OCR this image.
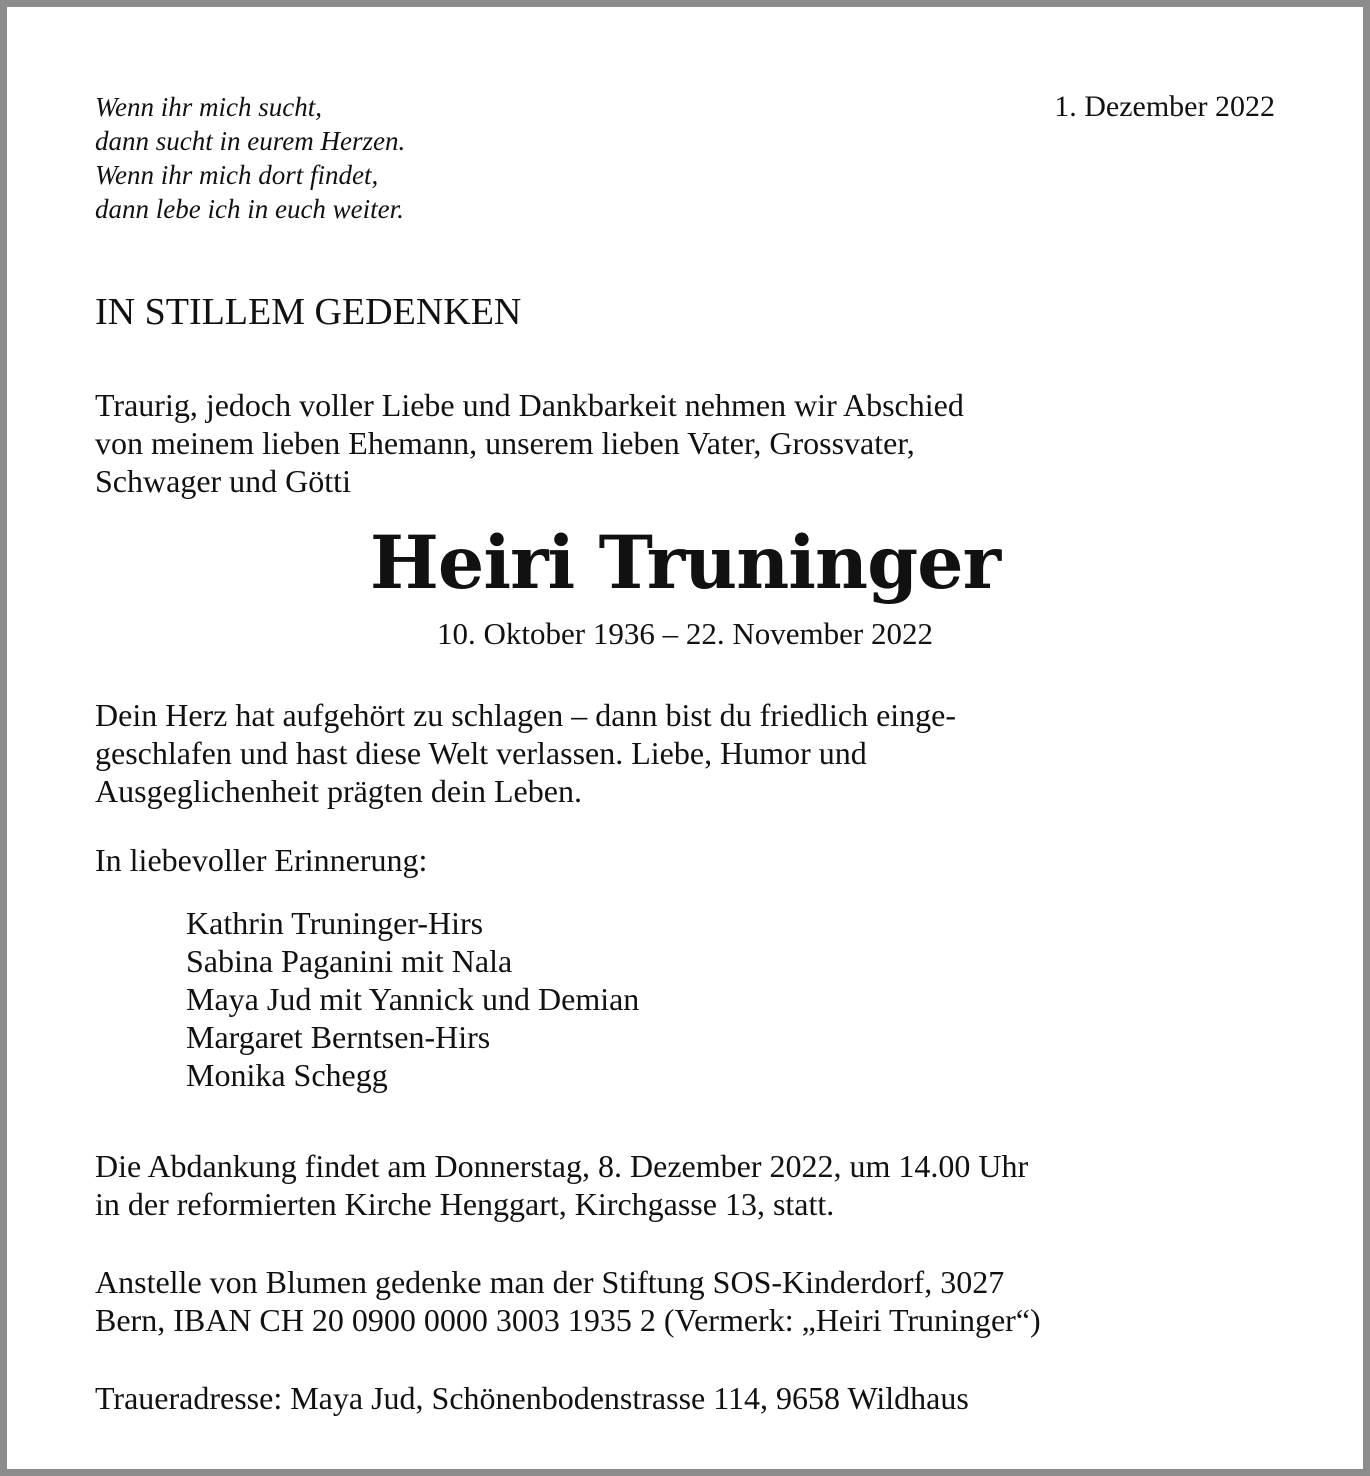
Wenn ihr mich sucht,
dann sucht in eurem Herzen.
Wenn ihr mich dort findet,
dann lebe ich in euch weiter.
1. Dezember 2022
IN STILLEM GEDENKEN
Traurig, jedoch voller Liebe und Dankbarkeit nehmen wir Abschied
von meinem lieben Ehemann, unserem lieben Vater, Grossvater,
Schwager und Götti
Heiri Truninger
10. Oktober 1936 – 22. November 2022
Dein Herz hat aufgehört zu schlagen – dann bist du friedlich einge-
geschlafen und hast diese Welt verlassen. Liebe, Humor und
Ausgeglichenheit prägten dein Leben.
In liebevoller Erinnerung:
Kathrin Truninger-Hirs
Sabina Paganini mit Nala
Maya Jud mit Yannick und Demian
Margaret Berntsen-Hirs
Monika Schegg
Die Abdankung findet am Donnerstag, 8. Dezember 2022, um 14.00 Uhr
in der reformierten Kirche Henggart, Kirchgasse 13, statt.
Anstelle von Blumen gedenke man der Stiftung SOS-Kinderdorf, 3027
Bern, IBAN CH 20 0900 0000 3003 1935 2 (Vermerk: „Heiri Truninger“)
Traueradresse: Maya Jud, Schönenbodenstrasse 114, 9658 Wildhaus
